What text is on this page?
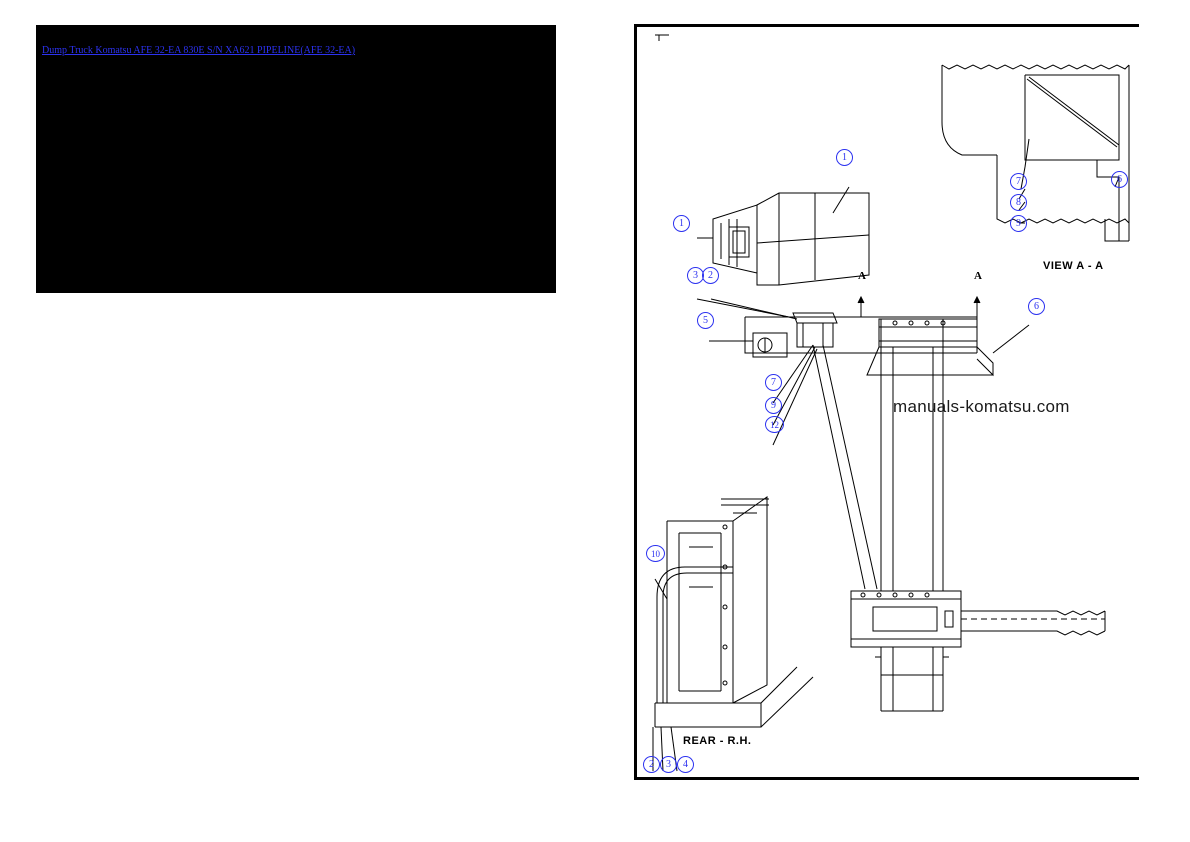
Dump Truck Komatsu AFE 32-EA 830E S/N XA621 PIPELINE(AFE 32-EA)
manuals-komatsu.com
VIEW A - A
REAR - R.H.
A	A
1
1
3	2
5
7
9
12
6
7
8
9
6
10
2	3	4
